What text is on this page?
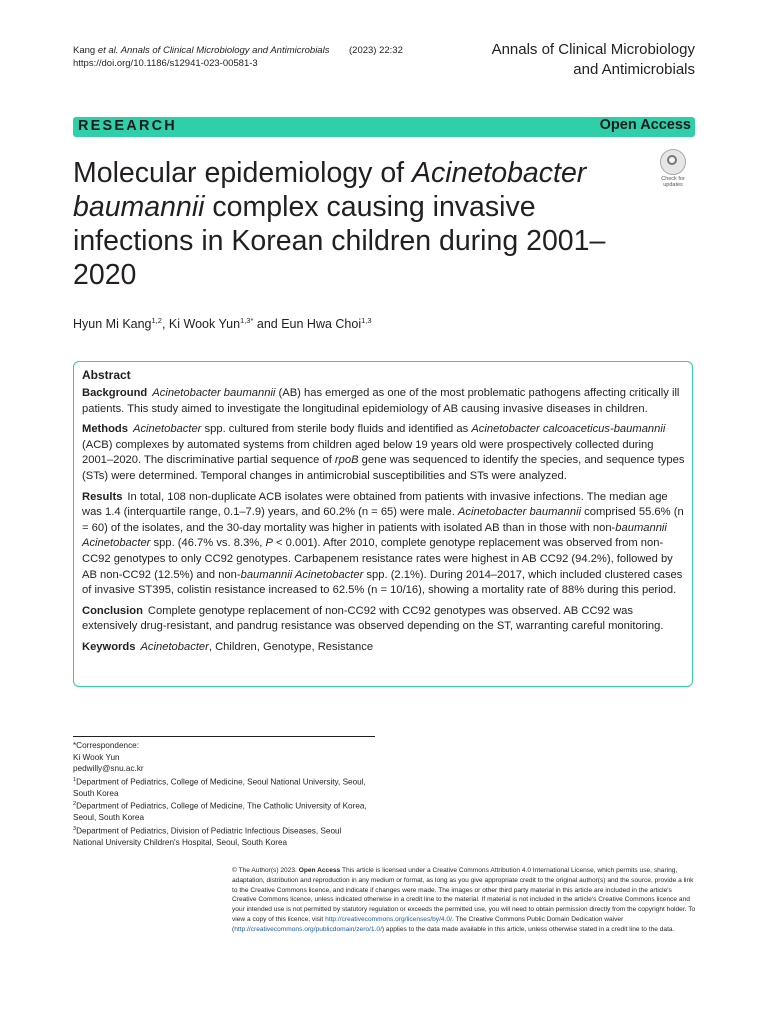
Kang et al. Annals of Clinical Microbiology and Antimicrobials (2023) 22:32
https://doi.org/10.1186/s12941-023-00581-3
Annals of Clinical Microbiology
and Antimicrobials
RESEARCH	Open Access
Check for
updates
Molecular epidemiology of Acinetobacter baumannii complex causing invasive infections in Korean children during 2001–2020
Hyun Mi Kang$^{1,2}$, Ki Wook Yun$^{1,3*}$ and Eun Hwa Choi$^{1,3}$
Abstract

Background Acinetobacter baumannii (AB) has emerged as one of the most problematic pathogens affecting critically ill patients. This study aimed to investigate the longitudinal epidemiology of AB causing invasive diseases in children.

Methods Acinetobacter spp. cultured from sterile body fluids and identified as Acinetobacter calcoaceticus-baumannii (ACB) complexes by automated systems from children aged below 19 years old were prospectively collected during 2001–2020. The discriminative partial sequence of rpoB gene was sequenced to identify the species, and sequence types (STs) were determined. Temporal changes in antimicrobial susceptibilities and STs were analyzed.

Results In total, 108 non-duplicate ACB isolates were obtained from patients with invasive infections. The median age was 1.4 (interquartile range, 0.1–7.9) years, and 60.2% (n = 65) were male. Acinetobacter baumannii comprised 55.6% (n = 60) of the isolates, and the 30-day mortality was higher in patients with isolated AB than in those with non-baumannii Acinetobacter spp. (46.7% vs. 8.3%, P < 0.001). After 2010, complete genotype replacement was observed from non-CC92 genotypes to only CC92 genotypes. Carbapenem resistance rates were highest in AB CC92 (94.2%), followed by AB non-CC92 (12.5%) and non-baumannii Acinetobacter spp. (2.1%). During 2014–2017, which included clustered cases of invasive ST395, colistin resistance increased to 62.5% (n = 10/16), showing a mortality rate of 88% during this period.

Conclusion Complete genotype replacement of non-CC92 with CC92 genotypes was observed. AB CC92 was extensively drug-resistant, and pandrug resistance was observed depending on the ST, warranting careful monitoring.

Keywords Acinetobacter, Children, Genotype, Resistance

*Correspondence:
Ki Wook Yun
pedwilly@snu.ac.kr
$^1$Department of Pediatrics, College of Medicine, Seoul National University, Seoul, South Korea
$^2$Department of Pediatrics, College of Medicine, The Catholic University of Korea, Seoul, South Korea
$^3$Department of Pediatrics, Division of Pediatric Infectious Diseases, Seoul National University Children's Hospital, Seoul, South Korea
© The Author(s) 2023. Open Access This article is licensed under a Creative Commons Attribution 4.0 International License, which permits use, sharing, adaptation, distribution and reproduction in any medium or format, as long as you give appropriate credit to the original author(s) and the source, provide a link to the Creative Commons licence, and indicate if changes were made. The images or other third party material in this article are included in the article's Creative Commons licence, unless indicated otherwise in a credit line to the material. If material is not included in the article's Creative Commons licence and your intended use is not permitted by statutory regulation or exceeds the permitted use, you will need to obtain permission directly from the copyright holder. To view a copy of this licence, visit http://creativecommons.org/licenses/by/4.0/. The Creative Commons Public Domain Dedication waiver (http://creativecommons.org/publicdomain/zero/1.0/) applies to the data made available in this article, unless otherwise stated in a credit line to the data.
